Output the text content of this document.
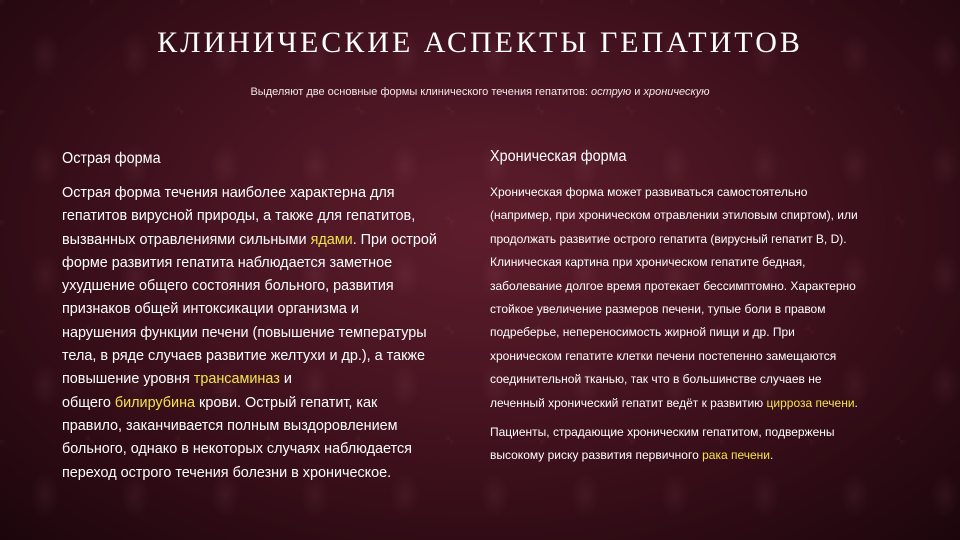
КЛИНИЧЕСКИЕ АСПЕКТЫ ГЕПАТИТОВ
Выделяют две основные формы клинического течения гепатитов: острую и хроническую
Острая форма	Хроническая форма
Острая форма течения наиболее характерна для
гепатитов вирусной природы, а также для гепатитов,
вызванных отравлениями сильными ядами. При острой
форме развития гепатита наблюдается заметное
ухудшение общего состояния больного, развития
признаков общей интоксикации организма и
нарушения функции печени (повышение температуры
тела, в ряде случаев развитие желтухи и др.), а также
повышение уровня трансаминаз и
общего билирубина крови. Острый гепатит, как
правило, заканчивается полным выздоровлением
больного, однако в некоторых случаях наблюдается
переход острого течения болезни в хроническое.
Хроническая форма может развиваться самостоятельно
(например, при хроническом отравлении этиловым спиртом), или
продолжать развитие острого гепатита (вирусный гепатит B, D).
Клиническая картина при хроническом гепатите бедная,
заболевание долгое время протекает бессимптомно. Характерно
стойкое увеличение размеров печени, тупые боли в правом
подреберье, непереносимость жирной пищи и др. При
хроническом гепатите клетки печени постепенно замещаются
соединительной тканью, так что в большинстве случаев не
леченный хронический гепатит ведёт к развитию цирроза печени.
Пациенты, страдающие хроническим гепатитом, подвержены
высокому риску развития первичного рака печени.
